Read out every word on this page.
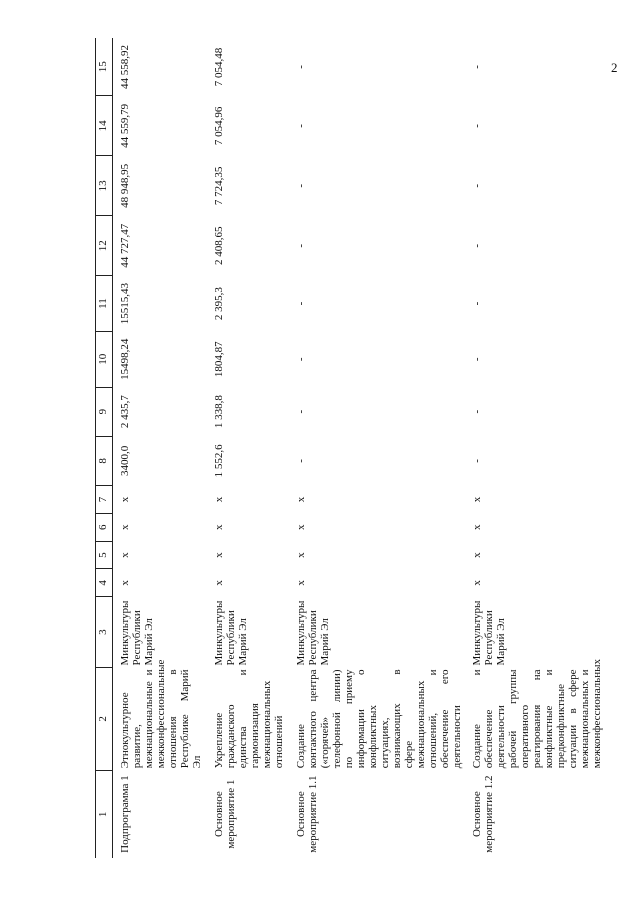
2
1	2	3	4	5	6	7	8	9	10	11	12	13	14	15
Подпрограмма 1	Этнокультурное развитие, межнациональные и межконфессиональные отношения в Республике Марий Эл	Минкультуры Республики Марий Эл	x	x	x	x	3400,0	2 435,7	15498,24	15515,43	44 727,47	48 948,95	44 559,79	44 558,92
Основное мероприятие 1	Укрепление гражданского единства и гармонизация межнациональных отношений	Минкультуры Республики Марий Эл	x	x	x	x	1 552,6	1 338,8	1804,87	2 395,3	2 408,65	7 724,35	7 054,96	7 054,48
Основное мероприятие 1.1	Создание контактного центра («горячей» телефонной линии) по приему информации о конфликтных ситуациях, возникающих в сфере межнациональных отношений, и обеспечение его деятельности	Минкультуры Республики Марий Эл	x	x	x	x	-	-	-	-	-	-	-	-
Основное мероприятие 1.2	Создание и обеспечение деятельности рабочей группы оперативного реагирования на конфликтные и предконфликтные ситуации в сфере межнациональных и межконфессиональных	Минкультуры Республики Марий Эл	x	x	x	x	-	-	-	-	-	-	-	-
